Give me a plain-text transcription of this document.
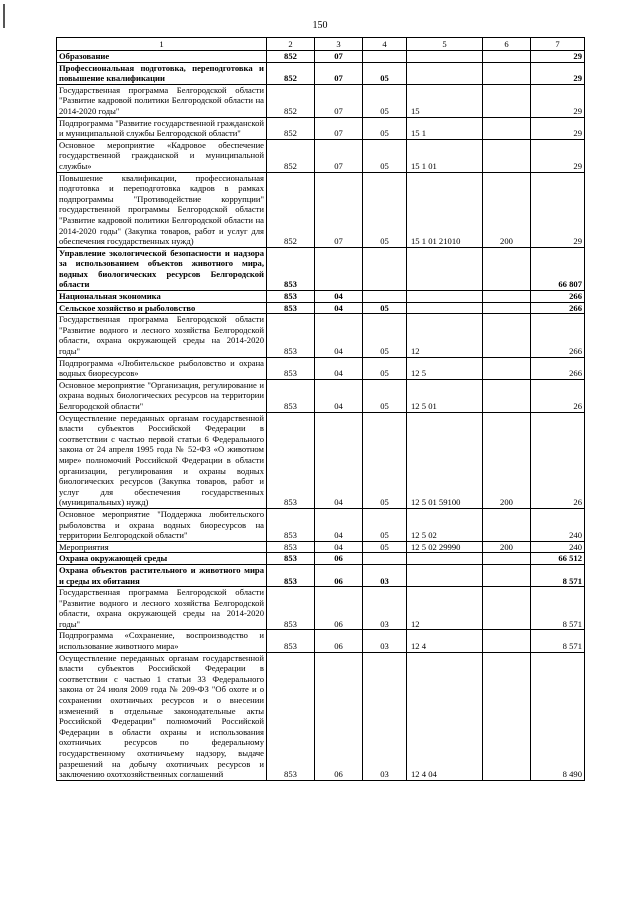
150
1	2	3	4	5	6	7
Образование	852	07				29
Профессиональная подготовка, переподготовка и повышение квалификации	852	07	05			29
Государственная программа Белгородской области "Развитие кадровой политики Белгородской области на 2014-2020 годы"	852	07	05	15		29
Подпрограмма "Развитие государственной гражданской и муниципальной службы Белгородской области"	852	07	05	15 1		29
Основное мероприятие «Кадровое обеспечение государственной гражданской и муниципальной службы»	852	07	05	15 1 01		29
Повышение квалификации, профессиональная подготовка и переподготовка кадров в рамках подпрограммы "Противодействие коррупции" государственной программы Белгородской области "Развитие кадровой политики Белгородской области на 2014-2020 годы" (Закупка товаров, работ и услуг для обеспечения государственных нужд)	852	07	05	15 1 01 21010	200	29
Управление экологической безопасности и надзора за использованием объектов животного мира, водных биологических ресурсов Белгородской области	853					66 807
Национальная экономика	853	04				266
Сельское хозяйство и рыболовство	853	04	05			266
Государственная программа Белгородской области "Развитие водного и лесного хозяйства Белгородской области, охрана окружающей среды на 2014-2020 годы"	853	04	05	12		266
Подпрограмма «Любительское рыболовство и охрана водных биоресурсов»	853	04	05	12 5		266
Основное мероприятие "Организация, регулирование и охрана водных биологических ресурсов на территории Белгородской области"	853	04	05	12 5 01		26
Осуществление переданных органам государственной власти субъектов Российской Федерации в соответствии с частью первой статьи 6 Федерального закона от 24 апреля 1995 года № 52-ФЗ «О животном мире» полномочий Российской Федерации в области организации, регулирования и охраны водных биологических ресурсов (Закупка товаров, работ и услуг для обеспечения государственных (муниципальных) нужд)	853	04	05	12 5 01 59100	200	26
Основное мероприятие "Поддержка любительского рыболовства и охрана водных биоресурсов на территории Белгородской области"	853	04	05	12 5 02		240
Мероприятия	853	04	05	12 5 02 29990	200	240
Охрана окружающей среды	853	06				66 512
Охрана объектов растительного и животного мира и среды их обитания	853	06	03			8 571
Государственная программа Белгородской области "Развитие водного и лесного хозяйства Белгородской области, охрана окружающей среды на 2014-2020 годы"	853	06	03	12		8 571
Подпрограмма «Сохранение, воспроизводство и использование животного мира»	853	06	03	12 4		8 571
Осуществление переданных органам государственной власти субъектов Российской Федерации в соответствии с частью 1 статьи 33 Федерального закона от 24 июля 2009 года № 209-ФЗ "Об охоте и о сохранении охотничьих ресурсов и о внесении изменений в отдельные законодательные акты Российской Федерации" полномочий Российской Федерации в области охраны и использования охотничьих ресурсов по федеральному государственному охотничьему надзору, выдаче разрешений на добычу охотничьих ресурсов и заключению охотхозяйственных соглашений	853	06	03	12 4 04		8 490
